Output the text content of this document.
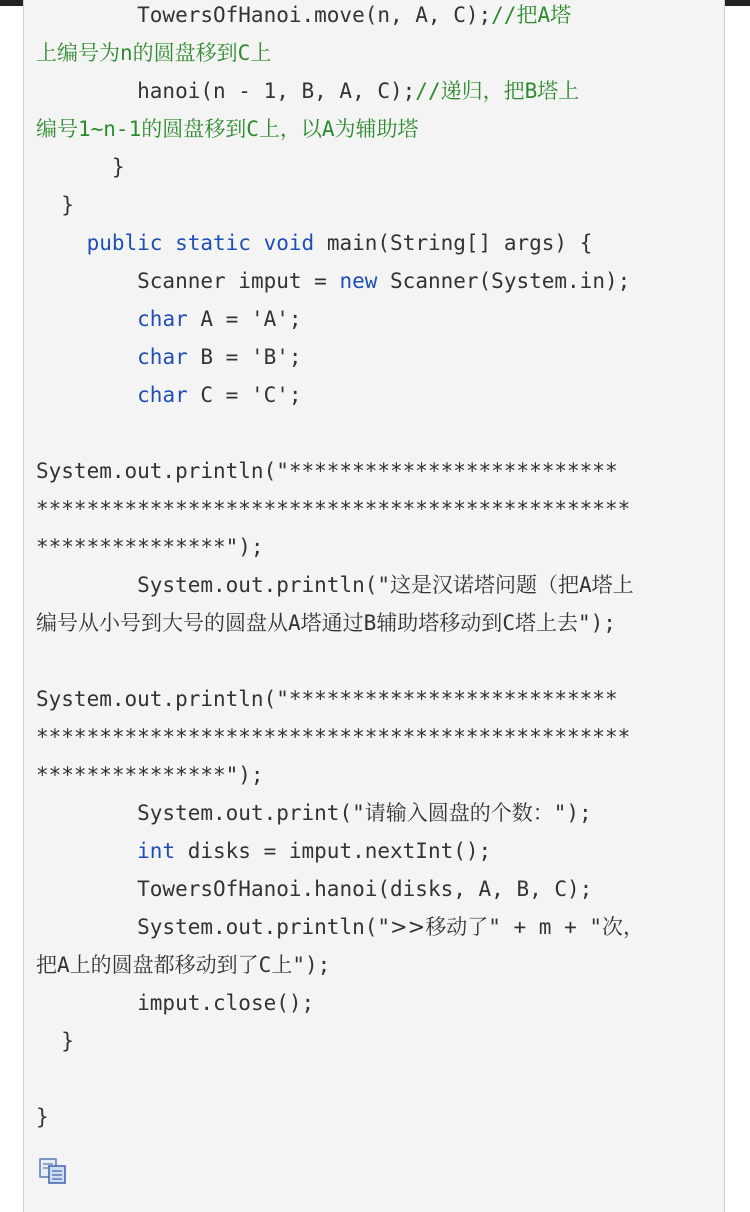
TowersOfHanoi.move(n, A, C);//把A塔
上编号为n的圆盘移到C上
hanoi(n - 1, B, A, C);//递归，把B塔上
编号1~n-1的圆盘移到C上，以A为辅助塔
}
}
public static void main(String[] args) {
Scanner imput = new Scanner(System.in);
char A = 'A';
char B = 'B';
char C = 'C';
System.out.println("**************************
***********************************************
***************");
System.out.println("这是汉诺塔问题（把A塔上
编号从小号到大号的圆盘从A塔通过B辅助塔移动到C塔上去");
System.out.println("**************************
***********************************************
***************");
System.out.print("请输入圆盘的个数：");
int disks = imput.nextInt();
TowersOfHanoi.hanoi(disks, A, B, C);
System.out.println(">>移动了" + m + "次，
把A上的圆盘都移动到了C上");
imput.close();
}
}
